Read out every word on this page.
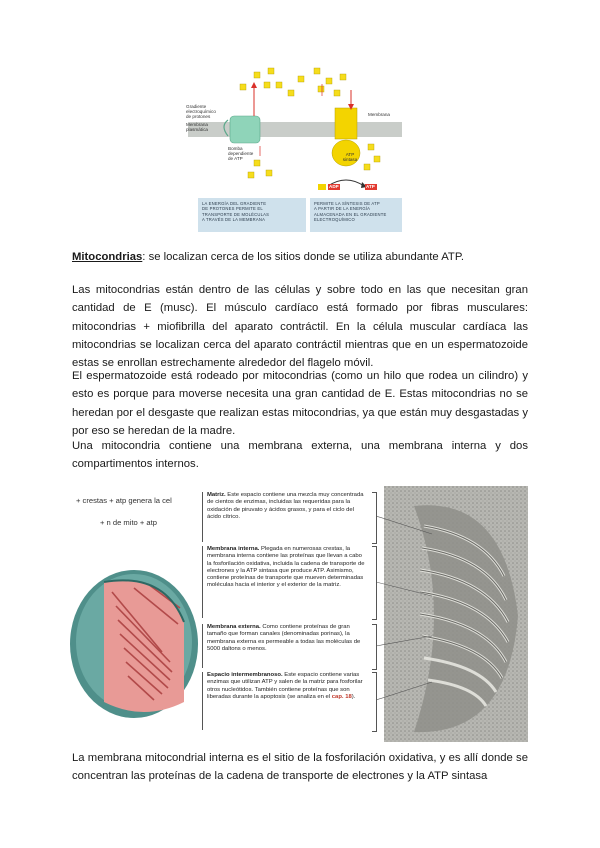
Gradiente
electroquímico
de protones
Membrana
plasmática
Bomba
dependiente
de ATP
Membrana
ATP
sintasa
ADP	ATP
LA ENERGÍA DEL GRADIENTE
DE PROTONES PERMITE EL
TRANSPORTE DE MOLÉCULAS
A TRAVÉS DE LA MEMBRANA
PERMITE LA SÍNTESIS DE ATP
A PARTIR DE LA ENERGÍA
ALMACENADA EN EL GRADIENTE
ELECTROQUÍMICO
Mitocondrias: se localizan cerca de los sitios donde se utiliza abundante ATP.
Las mitocondrias están dentro de las células y sobre todo en las que necesitan gran cantidad de E (musc). El músculo cardíaco está formado por fibras musculares: mitocondrias + miofibrilla del aparato contráctil. En la célula muscular cardíaca las mitocondrias se localizan cerca del aparato contráctil mientras que en un espermatozoide estas se enrollan estrechamente alrededor del flagelo móvil.
El espermatozoide está rodeado por mitocondrias (como un hilo que rodea un cilindro) y esto es porque para moverse necesita una gran cantidad de E. Estas mitocondrias no se heredan por el desgaste que realizan estas mitocondrias, ya que están muy desgastadas y por eso se heredan de la madre.
Una mitocondria contiene una membrana externa, una membrana interna y dos compartimentos internos.
+ crestas + atp genera la cel
+ n de mito + atp
Matriz. Este espacio contiene una mezcla muy concentrada de cientos de enzimas, incluidas las requeridas para la oxidación de piruvato y ácidos grasos, y para el ciclo del ácido cítrico.
Membrana interna. Plegada en numerosas crestas, la membrana interna contiene las proteínas que llevan a cabo la fosforilación oxidativa, incluida la cadena de transporte de electrones y la ATP sintasa que produce ATP. Asimismo, contiene proteínas de transporte que mueven determinadas moléculas hacia el interior y el exterior de la matriz.
Membrana externa. Como contiene proteínas de gran tamaño que forman canales (denominadas porinas), la membrana externa es permeable a todas las moléculas de 5000 daltons o menos.
Espacio intermembranoso. Este espacio contiene varias enzimas que utilizan ATP y salen de la matriz para fosforilar otros nucleótidos. También contiene proteínas que son liberadas durante la apoptosis (se analiza en el cap. 18).
La membrana mitocondrial interna es el sitio de la fosforilación oxidativa, y es allí donde se concentran las proteínas de la cadena de transporte de electrones y la ATP sintasa
